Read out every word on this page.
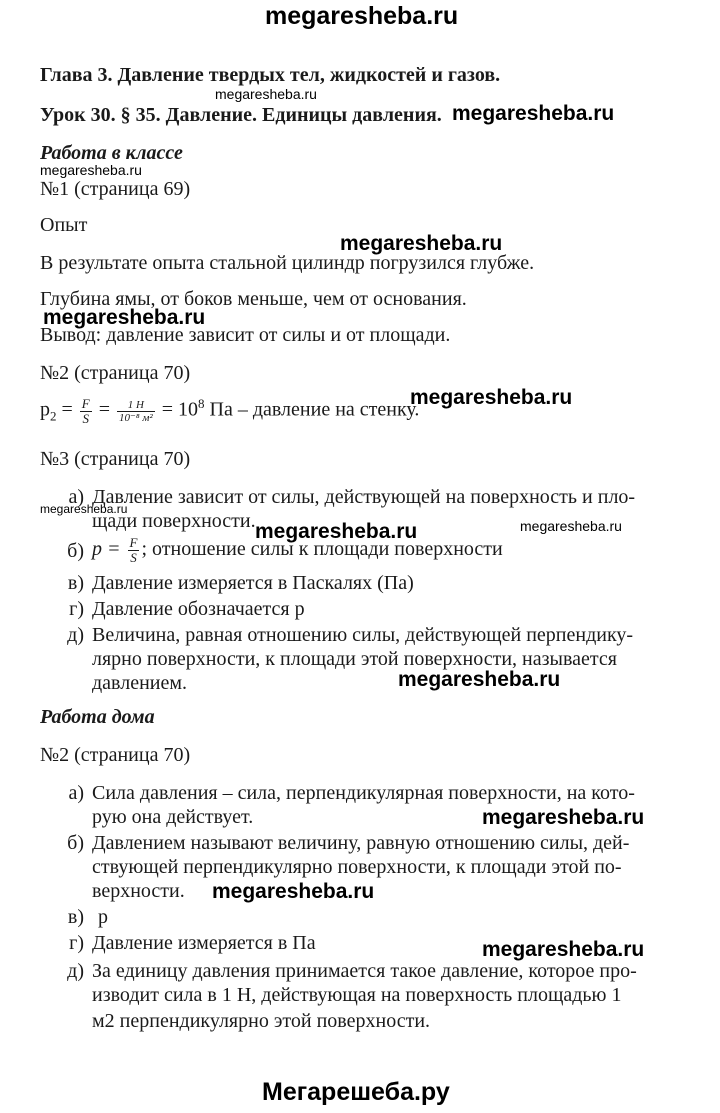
megaresheba.ru
Глава 3. Давление твердых тел, жидкостей и газов.
megaresheba.ru
Урок 30. § 35. Давление. Единицы давления. megaresheba.ru
Работа в классе
megaresheba.ru
№1 (страница 69)
Опыт
megaresheba.ru
В результате опыта стальной цилиндр погрузился глубже.
Глубина ямы, от боков меньше, чем от основания.
megaresheba.ru
Вывод: давление зависит от силы и от площади.
№2 (страница 70)
megaresheba.ru
$p_2 = \frac{F}{S} = \frac{1 H}{\text{10⁻⁸ м²}} = 10^8$ Па – давление на стенку.
№3 (страница 70)
а) Давление зависит от силы, действующей на поверхность и пло-
megaresheba.ru
щади поверхности. megaresheba.ru	megaresheba.ru
б) $p = \frac{F}{S}$ ; отношение силы к площади поверхности
в) Давление измеряется в Паскалях (Па)
г) Давление обозначается p
д) Величина, равная отношению силы, действующей перпендику-
лярно поверхности, к площади этой поверхности, называется
давлением.	megaresheba.ru
Работа дома
№2 (страница 70)
а) Сила давления – сила, перпендикулярная поверхности, на кото-
рую она действует.	megaresheba.ru
б) Давлением называют величину, равную отношению силы, дей-
ствующей перпендикулярно поверхности, к площади этой по-
верхности. megaresheba.ru
в) p
г) Давление измеряется в Па	megaresheba.ru
д) За единицу давления принимается такое давление, которое про-
изводит сила в 1 Н, действующая на поверхность площадью 1
м2 перпендикулярно этой поверхности.
Мегарешеба.ру
